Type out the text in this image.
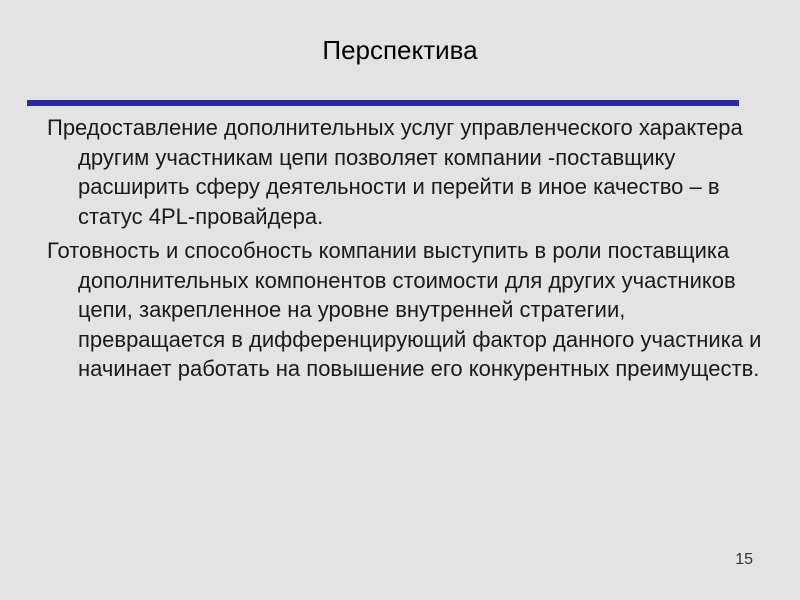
Перспектива
Предоставление дополнительных услуг управленческого характера другим участникам цепи позволяет компании -поставщику расширить сферу деятельности и перейти в иное качество – в статус 4PL-провайдера.
Готовность и способность компании выступить в роли поставщика дополнительных компонентов стоимости для других участников цепи, закрепленное на уровне внутренней стратегии, превращается в дифференцирующий фактор данного участника и начинает работать на повышение его конкурентных преимуществ.
15
